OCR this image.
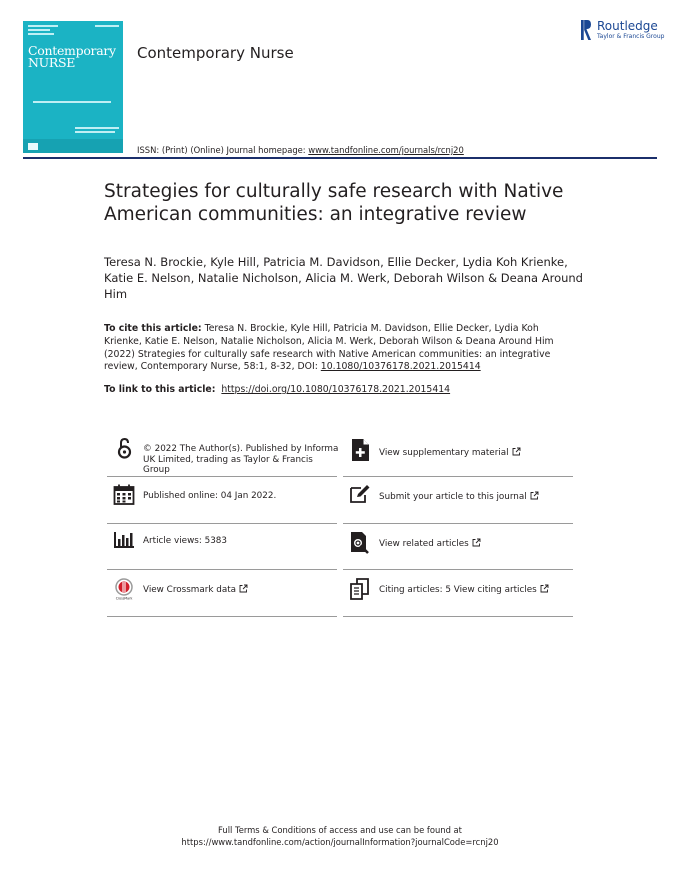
Contemporary
NURSE
Contemporary Nurse
ISSN: (Print) (Online) Journal homepage: www.tandfonline.com/journals/rcnj20
Routledge
Taylor & Francis Group
Strategies for culturally safe research with Native American communities: an integrative review
Teresa N. Brockie, Kyle Hill, Patricia M. Davidson, Ellie Decker, Lydia Koh Krienke, Katie E. Nelson, Natalie Nicholson, Alicia M. Werk, Deborah Wilson & Deana Around Him
To cite this article: Teresa N. Brockie, Kyle Hill, Patricia M. Davidson, Ellie Decker, Lydia Koh Krienke, Katie E. Nelson, Natalie Nicholson, Alicia M. Werk, Deborah Wilson & Deana Around Him (2022) Strategies for culturally safe research with Native American communities: an integrative review, Contemporary Nurse, 58:1, 8-32, DOI: 10.1080/10376178.2021.2015414
To link to this article: https://doi.org/10.1080/10376178.2021.2015414
© 2022 The Author(s). Published by Informa UK Limited, trading as Taylor & Francis Group
Published online: 04 Jan 2022.
Article views: 5383
CrossMark
View Crossmark data
View supplementary material
Submit your article to this journal
View related articles
Citing articles: 5 View citing articles
Full Terms & Conditions of access and use can be found at
https://www.tandfonline.com/action/journalInformation?journalCode=rcnj20
